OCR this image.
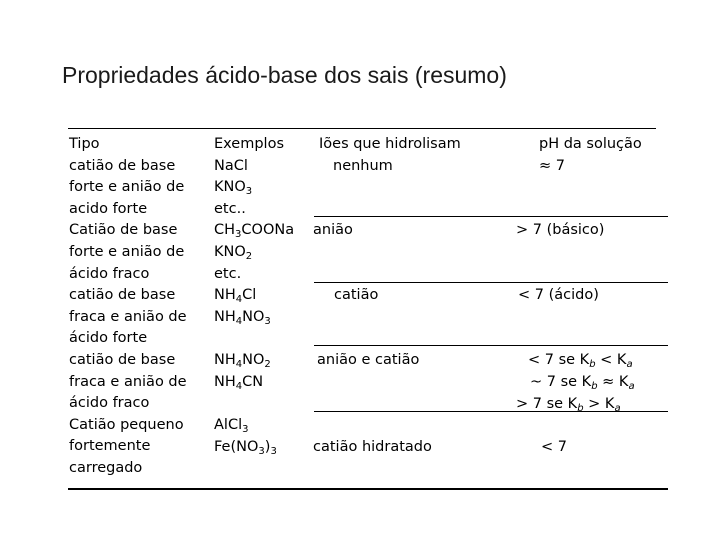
Propriedades ácido-base dos sais (resumo)
Tipo
catião de base
forte e anião de
acido forte
Catião de base
forte e anião de
ácido fraco
catião de base
fraca e anião de
ácido forte
catião de base
fraca e anião de
ácido fraco
Catião pequeno
fortemente
carregado
Exemplos
NaCl
$KNO_3$
etc..
$CH_3COONa$
$KNO_2$
etc.
$NH_4Cl$
$NH_4NO_3$
$NH_4NO_2$
$NH_4CN$
AlCl$_3$
$Fe(NO_3)_3$
Iões que hidrolisam
nenhum
anião
catião
anião e catião
catião hidratado
pH da solução
≈ 7
> 7 (básico)
< 7 (ácido)
< 7 se $K_b < K_a$
~ 7 se $K_b \approx K_a$
> 7 se $K_b > K_a$
< 7
